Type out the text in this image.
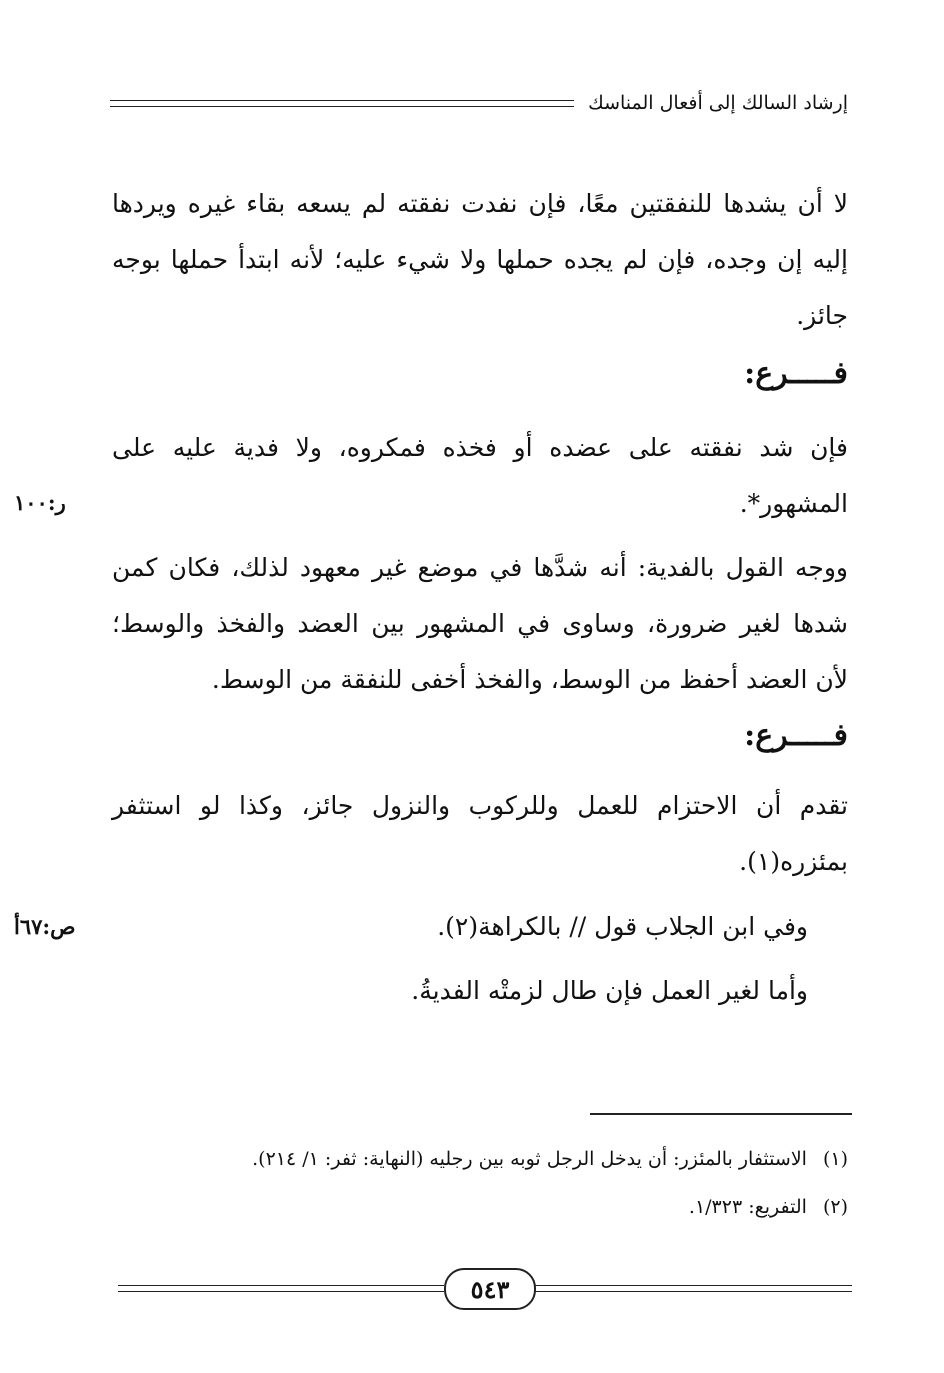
إرشاد السالك إلى أفعال المناسك
لا أن يشدها للنفقتين معًا، فإن نفدت نفقته لم يسعه بقاء غيره ويردها إليه إن وجده، فإن لم يجده حملها ولا شيء عليه؛ لأنه ابتدأ حملها بوجه جائز.
فـــــرع:
فإن شد نفقته على عضده أو فخذه فمكروه، ولا فدية عليه على المشهور*.
ر:١٠٠
ووجه القول بالفدية: أنه شدَّها في موضع غير معهود لذلك، فكان كمن شدها لغير ضرورة، وساوى في المشهور بين العضد والفخذ والوسط؛ لأن العضد أحفظ من الوسط، والفخذ أخفى للنفقة من الوسط.
فـــــرع:
تقدم أن الاحتزام للعمل وللركوب والنزول جائز، وكذا لو استثفر بمئزره(١).
وفي ابن الجلاب قول // بالكراهة(٢).
ص:٦٧أ
وأما لغير العمل فإن طال لزمتْه الفديةُ.
(١)
الاستثفار بالمئزر: أن يدخل الرجل ثوبه بين رجليه (النهاية: ثفر: ١/ ٢١٤).
(٢)
التفريع: ١/٣٢٣.
٥٤٣
